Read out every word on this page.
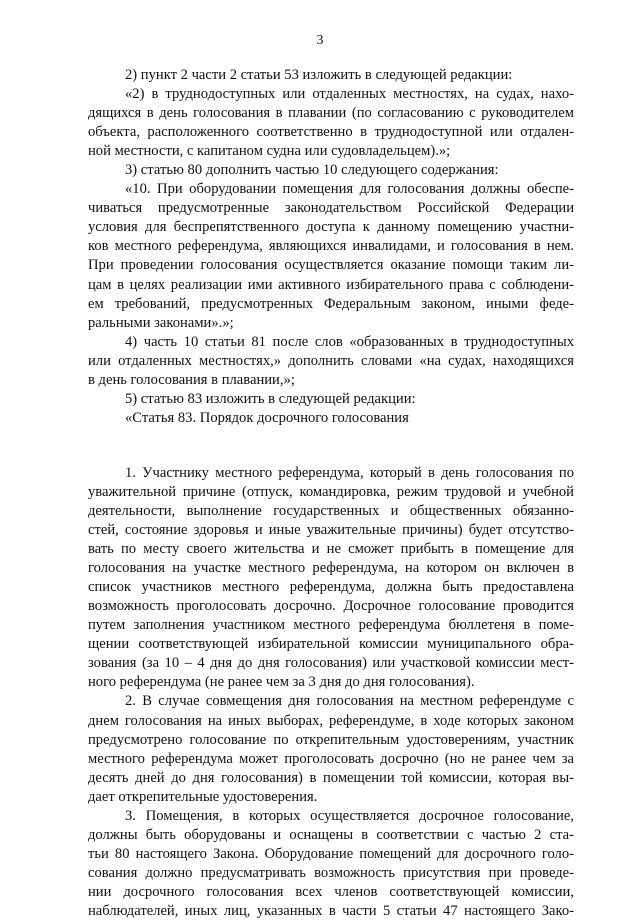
3
2) пункт 2 части 2 статьи 53 изложить в следующей редакции:
«2) в труднодоступных или отдаленных местностях, на судах, нахо-
дящихся в день голосования в плавании (по согласованию с руководителем
объекта, расположенного соответственно в труднодоступной или отдален-
ной местности, с капитаном судна или судовладельцем).»;
3) статью 80 дополнить частью 10 следующего содержания:
«10. При оборудовании помещения для голосования должны обеспе-
чиваться предусмотренные законодательством Российской Федерации
условия для беспрепятственного доступа к данному помещению участни-
ков местного референдума, являющихся инвалидами, и голосования в нем.
При проведении голосования осуществляется оказание помощи таким ли-
цам в целях реализации ими активного избирательного права с соблюдени-
ем требований, предусмотренных Федеральным законом, иными феде-
ральными законами».»;
4) часть 10 статьи 81 после слов «образованных в труднодоступных
или отдаленных местностях,» дополнить словами «на судах, находящихся
в день голосования в плавании,»;
5) статью 83 изложить в следующей редакции:
«Статья 83. Порядок досрочного голосования
1. Участнику местного референдума, который в день голосования по
уважительной причине (отпуск, командировка, режим трудовой и учебной
деятельности, выполнение государственных и общественных обязанно-
стей, состояние здоровья и иные уважительные причины) будет отсутство-
вать по месту своего жительства и не сможет прибыть в помещение для
голосования на участке местного референдума, на котором он включен в
список участников местного референдума, должна быть предоставлена
возможность проголосовать досрочно. Досрочное голосование проводится
путем заполнения участником местного референдума бюллетеня в поме-
щении соответствующей избирательной комиссии муниципального обра-
зования (за 10 – 4 дня до дня голосования) или участковой комиссии мест-
ного референдума (не ранее чем за 3 дня до дня голосования).
2. В случае совмещения дня голосования на местном референдуме с
днем голосования на иных выборах, референдуме, в ходе которых законом
предусмотрено голосование по открепительным удостоверениям, участник
местного референдума может проголосовать досрочно (но не ранее чем за
десять дней до дня голосования) в помещении той комиссии, которая вы-
дает открепительные удостоверения.
3. Помещения, в которых осуществляется досрочное голосование,
должны быть оборудованы и оснащены в соответствии с частью 2 ста-
тьи 80 настоящего Закона. Оборудование помещений для досрочного голо-
сования должно предусматривать возможность присутствия при проведе-
нии досрочного голосования всех членов соответствующей комиссии,
наблюдателей, иных лиц, указанных в части 5 статьи 47 настоящего Зако-
